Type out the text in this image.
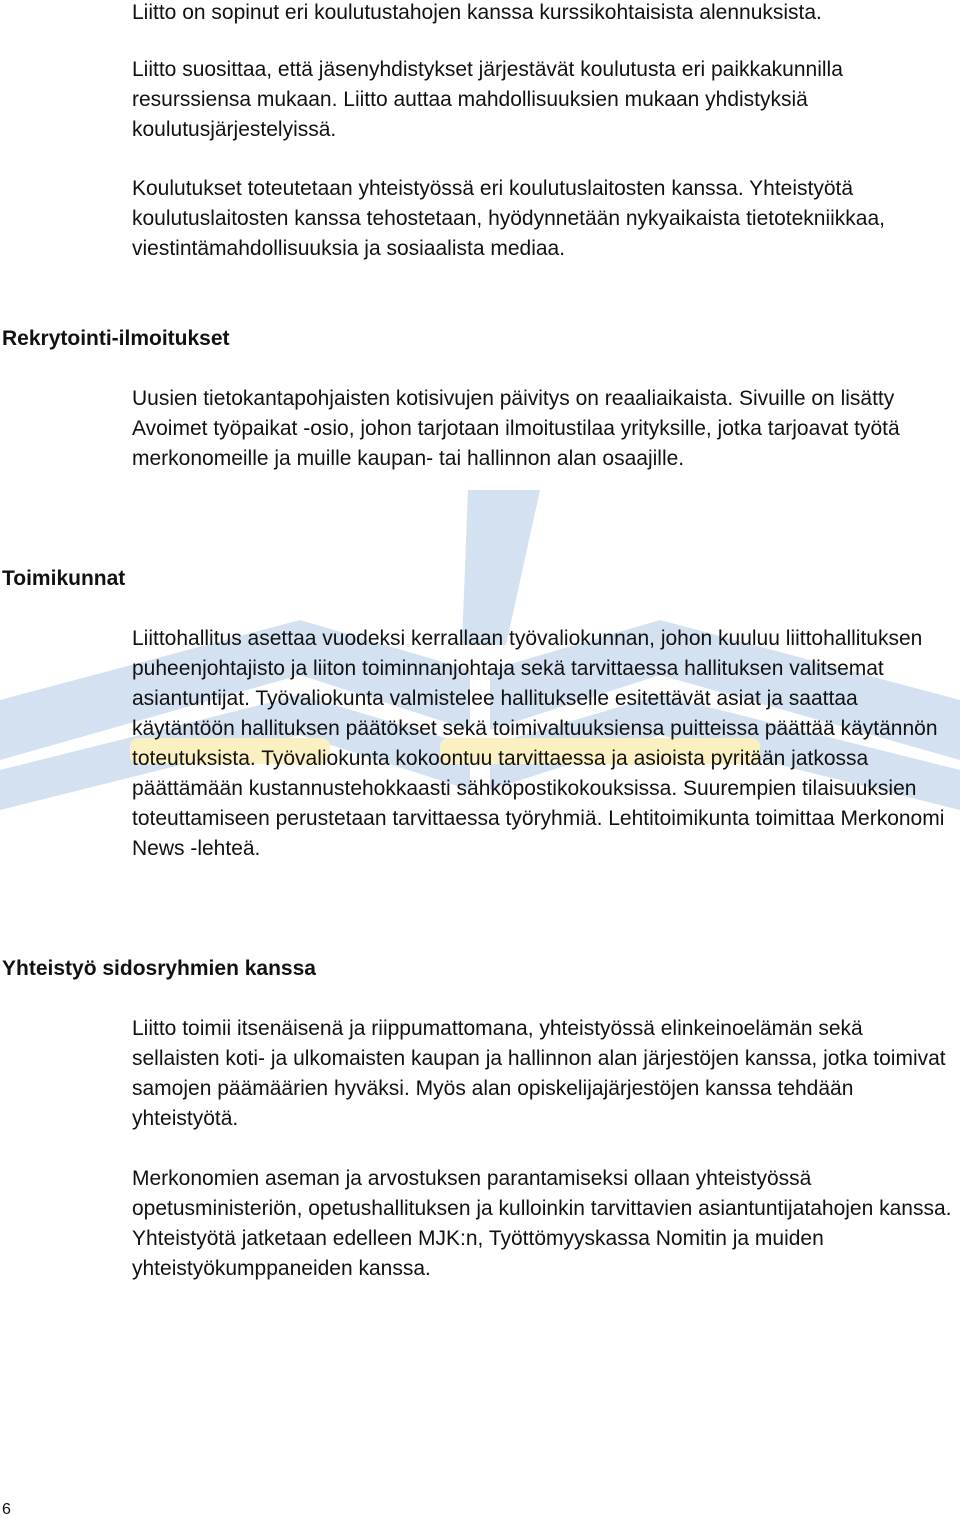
Liitto on sopinut eri koulutustahojen kanssa kurssikohtaisista alennuksista.

Liitto suosittaa, että jäsenyhdistykset järjestävät koulutusta eri paikkakunnilla resurssiensa mukaan. Liitto auttaa mahdollisuuksien mukaan yhdistyksiä koulutusjärjestelyissä.

Koulutukset toteutetaan yhteistyössä eri koulutuslaitosten kanssa. Yhteistyötä koulutuslaitosten kanssa tehostetaan, hyödynnetään nykyaikaista tietotekniikkaa, viestintämahdollisuuksia ja sosiaalista mediaa.

Rekrytointi-ilmoitukset

Uusien tietokantapohjaisten kotisivujen päivitys on reaaliaikaista. Sivuille on lisätty Avoimet työpaikat -osio, johon tarjotaan ilmoitustilaa yrityksille, jotka tarjoavat työtä merkonomeille ja muille kaupan- tai hallinnon alan osaajille.

Toimikunnat

Liittohallitus asettaa vuodeksi kerrallaan työvaliokunnan, johon kuuluu liittohallituksen puheenjohtajisto ja liiton toiminnanjohtaja sekä tarvittaessa hallituksen valitsemat asiantuntijat. Työvaliokunta valmistelee hallitukselle esitettävät asiat ja saattaa käytäntöön hallituksen päätökset sekä toimivaltuuksiensa puitteissa päättää käytännön toteutuksista. Työvaliokunta kokoontuu tarvittaessa ja asioista pyritään jatkossa päättämään kustannustehokkaasti sähköpostikokouksissa. Suurempien tilaisuuksien toteuttamiseen perustetaan tarvittaessa työryhmiä. Lehtitoimikunta toimittaa Merkonomi News -lehteä.

Yhteistyö sidosryhmien kanssa

Liitto toimii itsenäisenä ja riippumattomana, yhteistyössä elinkeinoelämän sekä sellaisten koti- ja ulkomaisten kaupan ja hallinnon alan järjestöjen kanssa, jotka toimivat samojen päämäärien hyväksi. Myös alan opiskelijajärjestöjen kanssa tehdään yhteistyötä.

Merkonomien aseman ja arvostuksen parantamiseksi ollaan yhteistyössä opetusministeriön, opetushallituksen ja kulloinkin tarvittavien asiantuntijatahojen kanssa. Yhteistyötä jatketaan edelleen MJK:n, Työttömyyskassa Nomitin ja muiden yhteistyökumppaneiden kanssa.

6
